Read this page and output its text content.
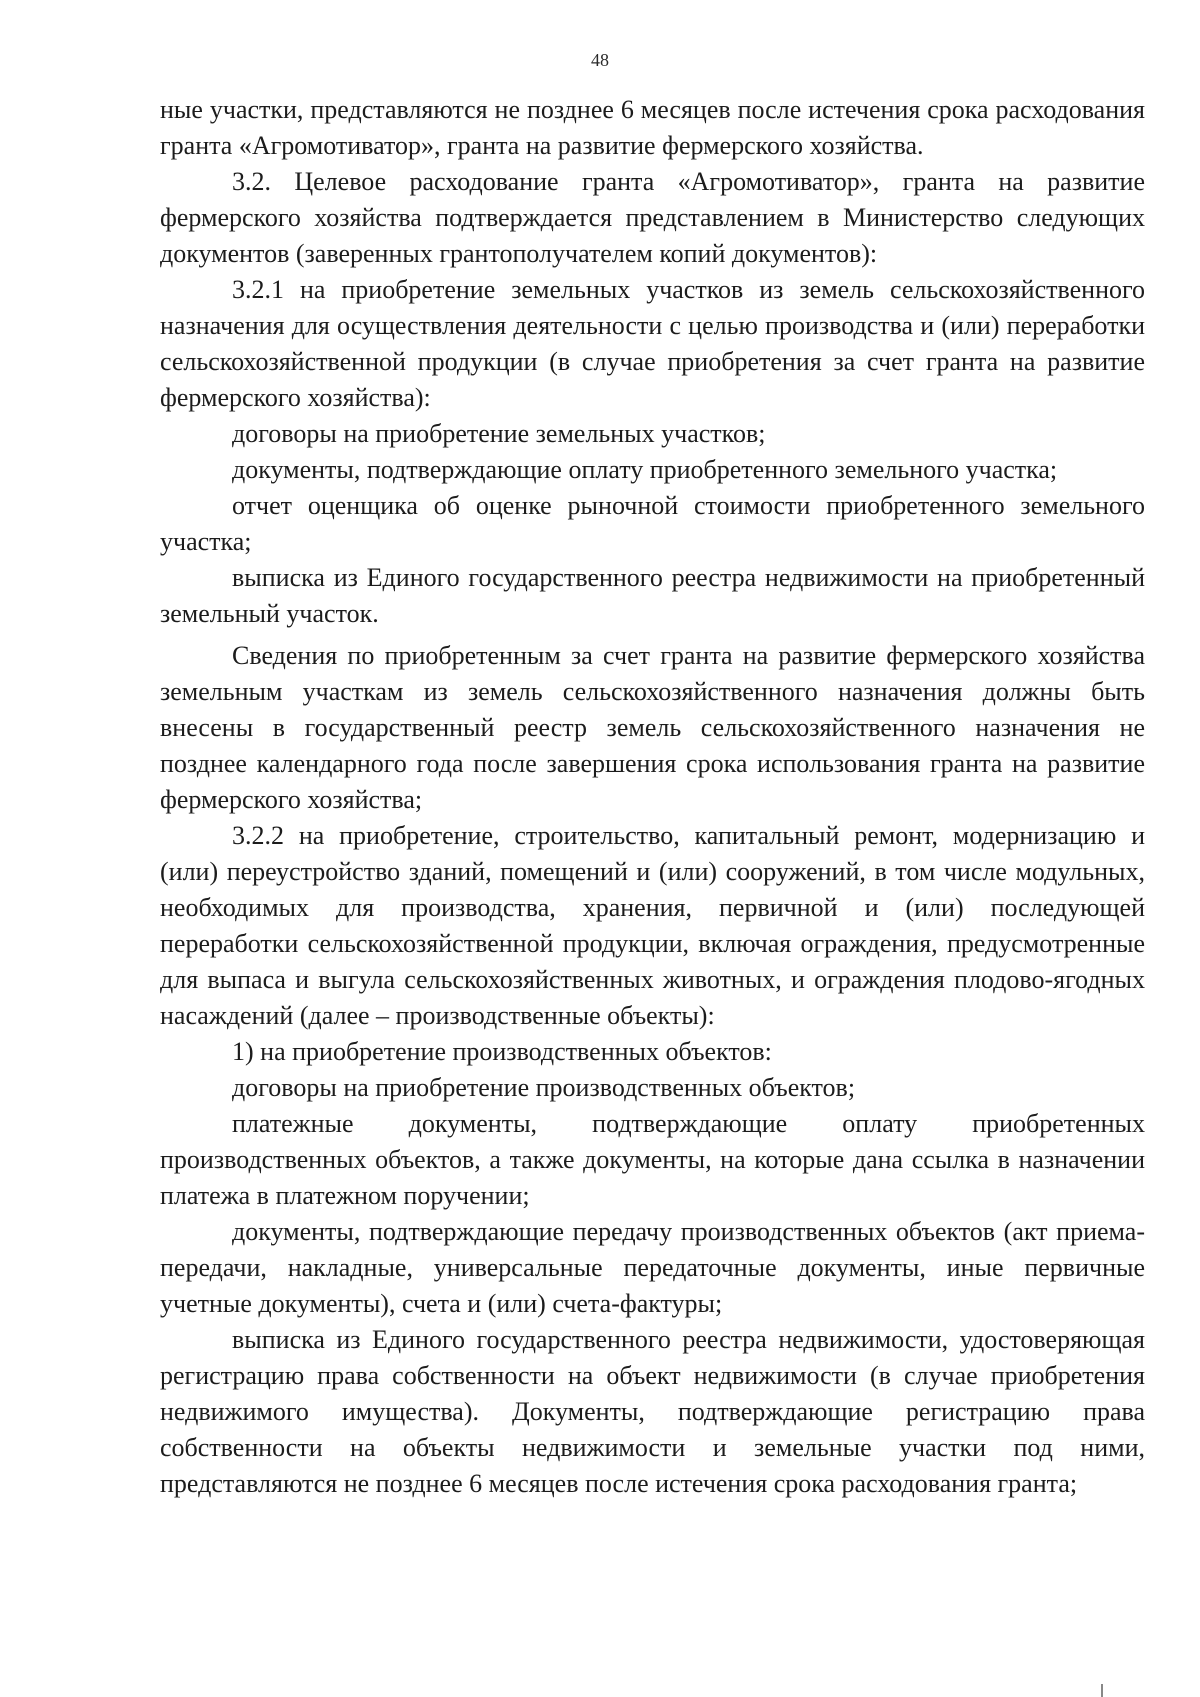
48

ные участки, представляются не позднее 6 месяцев после истечения срока расходования гранта «Агромотиватор», гранта на развитие фермерского хозяйства.

3.2. Целевое расходование гранта «Агромотиватор», гранта на развитие фермерского хозяйства подтверждается представлением в Министерство следующих документов (заверенных грантополучателем копий документов):

3.2.1 на приобретение земельных участков из земель сельскохозяйственного назначения для осуществления деятельности с целью производства и (или) переработки сельскохозяйственной продукции (в случае приобретения за счет гранта на развитие фермерского хозяйства):

договоры на приобретение земельных участков;

документы, подтверждающие оплату приобретенного земельного участка;

отчет оценщика об оценке рыночной стоимости приобретенного земельного участка;

выписка из Единого государственного реестра недвижимости на приобретенный земельный участок.

Сведения по приобретенным за счет гранта на развитие фермерского хозяйства земельным участкам из земель сельскохозяйственного назначения должны быть внесены в государственный реестр земель сельскохозяйственного назначения не позднее календарного года после завершения срока использования гранта на развитие фермерского хозяйства;

3.2.2 на приобретение, строительство, капитальный ремонт, модернизацию и (или) переустройство зданий, помещений и (или) сооружений, в том числе модульных, необходимых для производства, хранения, первичной и (или) последующей переработки сельскохозяйственной продукции, включая ограждения, предусмотренные для выпаса и выгула сельскохозяйственных животных, и ограждения плодово-ягодных насаждений (далее – производственные объекты):

1) на приобретение производственных объектов:

договоры на приобретение производственных объектов;

платежные документы, подтверждающие оплату приобретенных производственных объектов, а также документы, на которые дана ссылка в назначении платежа в платежном поручении;

документы, подтверждающие передачу производственных объектов (акт приема-передачи, накладные, универсальные передаточные документы, иные первичные учетные документы), счета и (или) счета-фактуры;

выписка из Единого государственного реестра недвижимости, удостоверяющая регистрацию права собственности на объект недвижимости (в случае приобретения недвижимого имущества). Документы, подтверждающие регистрацию права собственности на объекты недвижимости и земельные участки под ними, представляются не позднее 6 месяцев после истечения срока расходования гранта;
